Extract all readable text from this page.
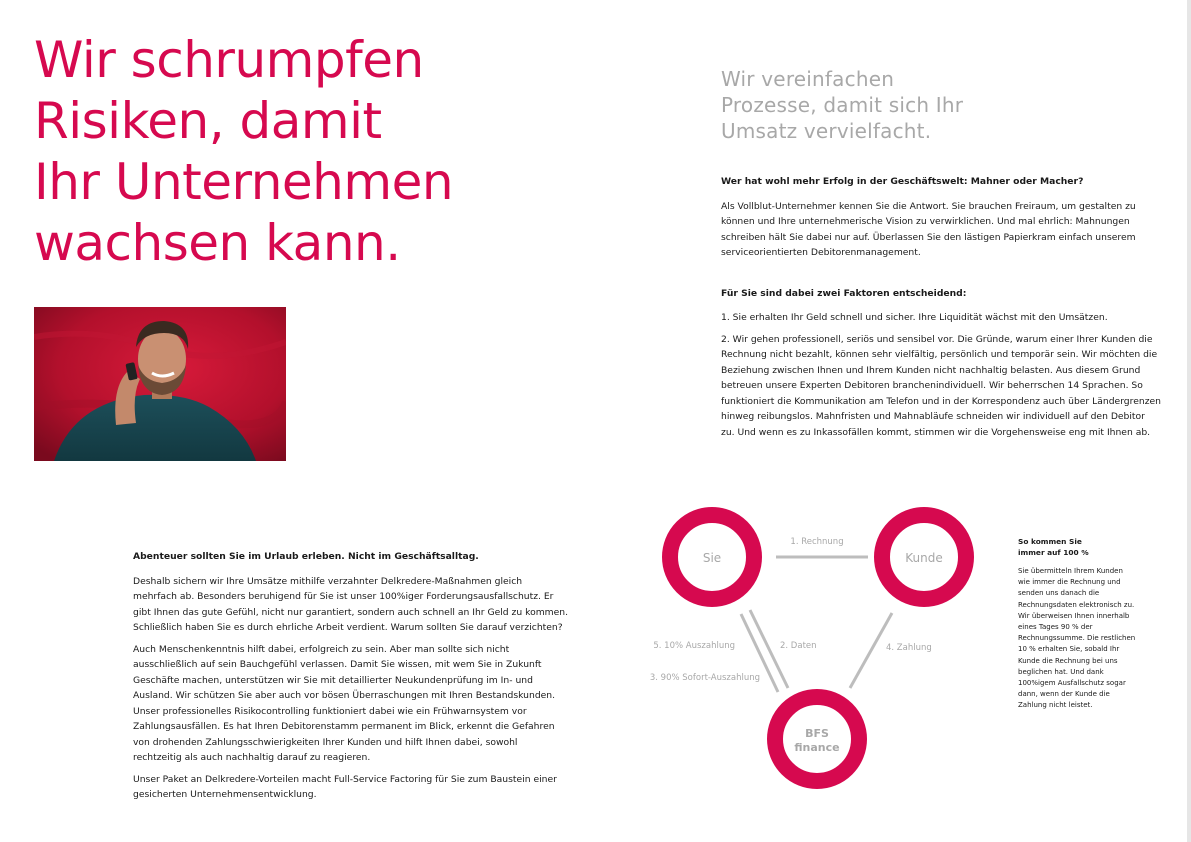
Wir schrumpfen
Risiken, damit
Ihr Unternehmen
wachsen kann.
Wir vereinfachen
Prozesse, damit sich Ihr
Umsatz vervielfacht.

Wer hat wohl mehr Erfolg in der Geschäftswelt: Mahner oder Macher?

Als Vollblut-Unternehmer kennen Sie die Antwort. Sie brauchen Freiraum, um gestalten zu können und Ihre unternehmerische Vision zu verwirklichen. Und mal ehrlich: Mahnungen schreiben hält Sie dabei nur auf. Überlassen Sie den lästigen Papierkram einfach unserem serviceorientierten Debitorenmanagement.

Für Sie sind dabei zwei Faktoren entscheidend:

1. Sie erhalten Ihr Geld schnell und sicher. Ihre Liquidität wächst mit den Umsätzen.

2. Wir gehen professionell, seriös und sensibel vor. Die Gründe, warum einer Ihrer Kunden die Rechnung nicht bezahlt, können sehr vielfältig, persönlich und temporär sein. Wir möchten die Beziehung zwischen Ihnen und Ihrem Kunden nicht nachhaltig belasten. Aus diesem Grund betreuen unsere Experten Debitoren branchenindividuell. Wir beherrschen 14 Sprachen. So funktioniert die Kommunikation am Telefon und in der Korrespondenz auch über Ländergrenzen hinweg reibungslos. Mahnfristen und Mahnabläufe schneiden wir individuell auf den Debitor zu. Und wenn es zu Inkassofällen kommt, stimmen wir die Vorgehensweise eng mit Ihnen ab.

Abenteuer sollten Sie im Urlaub erleben. Nicht im Geschäftsalltag.

Deshalb sichern wir Ihre Umsätze mithilfe verzahnter Delkredere-Maßnahmen gleich mehrfach ab. Besonders beruhigend für Sie ist unser 100%iger Forderungsausfallschutz. Er gibt Ihnen das gute Gefühl, nicht nur garantiert, sondern auch schnell an Ihr Geld zu kommen. Schließlich haben Sie es durch ehrliche Arbeit verdient. Warum sollten Sie darauf verzichten?

Auch Menschenkenntnis hilft dabei, erfolgreich zu sein. Aber man sollte sich nicht ausschließlich auf sein Bauchgefühl verlassen. Damit Sie wissen, mit wem Sie in Zukunft Geschäfte machen, unterstützen wir Sie mit detaillierter Neukundenprüfung im In- und Ausland. Wir schützen Sie aber auch vor bösen Überraschungen mit Ihren Bestandskunden. Unser professionelles Risikocontrolling funktioniert dabei wie ein Frühwarnsystem vor Zahlungsausfällen. Es hat Ihren Debitorenstamm permanent im Blick, erkennt die Gefahren von drohenden Zahlungsschwierigkeiten Ihrer Kunden und hilft Ihnen dabei, sowohl rechtzeitig als auch nachhaltig darauf zu reagieren.

Unser Paket an Delkredere-Vorteilen macht Full-Service Factoring für Sie zum Baustein einer gesicherten Unternehmensentwicklung.

Sie	Kunde
BFS
finance
1. Rechnung
2. Daten	4. Zahlung
5. 10% Auszahlung
3. 90% Sofort-Auszahlung
So kommen Sie
immer auf 100 %
Sie übermitteln Ihrem Kunden wie immer die Rechnung und senden uns danach die Rechnungsdaten elektronisch zu. Wir überweisen Ihnen innerhalb eines Tages 90 % der Rechnungssumme. Die restlichen 10 % erhalten Sie, sobald Ihr Kunde die Rechnung bei uns beglichen hat. Und dank 100%igem Ausfallschutz sogar dann, wenn der Kunde die Zahlung nicht leistet.
